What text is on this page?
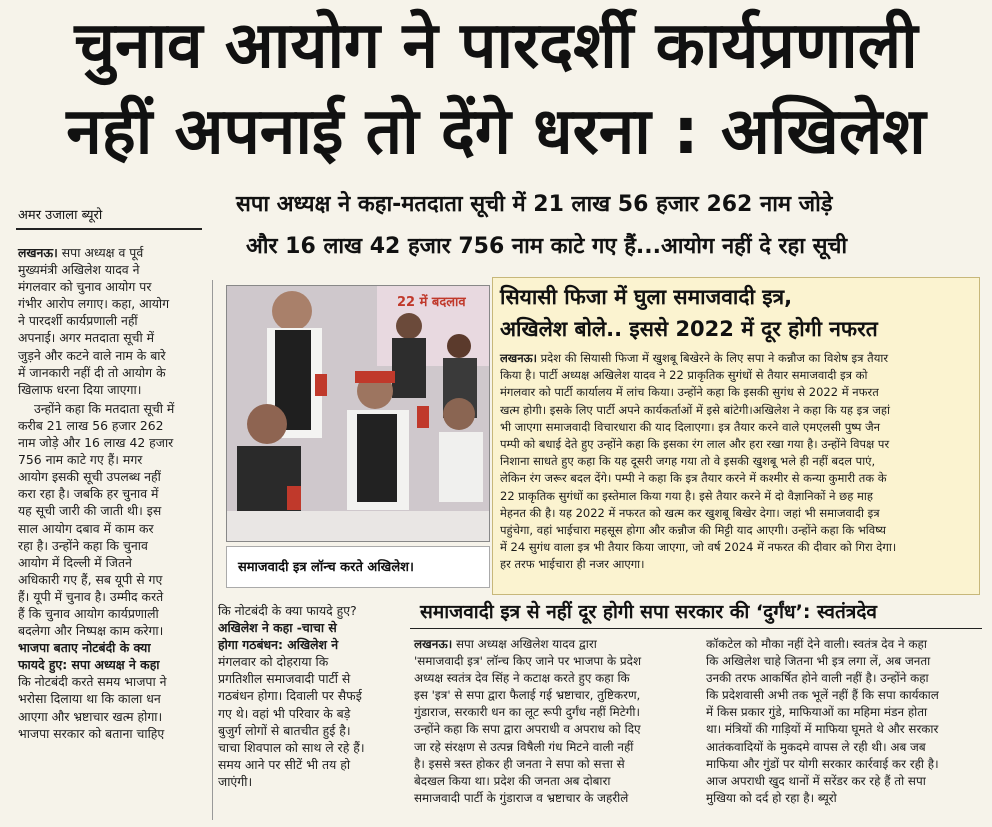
चुनाव आयोग ने पारदर्शी कार्यप्रणाली
नहीं अपनाई तो देंगे धरना : अखिलेश
सपा अध्यक्ष ने कहा-मतदाता सूची में 21 लाख 56 हजार 262 नाम जोड़े
और 16 लाख 42 हजार 756 नाम काटे गए हैं...आयोग नहीं दे रहा सूची
अमर उजाला ब्यूरो

लखनऊ। सपा अध्यक्ष व पूर्व

मुख्यमंत्री अखिलेश यादव ने

मंगलवार को चुनाव आयोग पर

गंभीर आरोप लगाए। कहा, आयोग

ने पारदर्शी कार्यप्रणाली नहीं

अपनाई। अगर मतदाता सूची में

जुड़ने और कटने वाले नाम के बारे

में जानकारी नहीं दी तो आयोग के

खिलाफ धरना दिया जाएगा।

उन्होंने कहा कि मतदाता सूची में

करीब 21 लाख 56 हजार 262

नाम जोड़े और 16 लाख 42 हजार

756 नाम काटे गए हैं। मगर

आयोग इसकी सूची उपलब्ध नहीं

करा रहा है। जबकि हर चुनाव में

यह सूची जारी की जाती थी। इस

साल आयोग दबाव में काम कर

रहा है। उन्होंने कहा कि चुनाव

आयोग में दिल्ली में जितने

अधिकारी गए हैं, सब यूपी से गए

हैं। यूपी में चुनाव है। उम्मीद करते

हैं कि चुनाव आयोग कार्यप्रणाली

बदलेगा और निष्पक्ष काम करेगा।

भाजपा बताए नोटबंदी के क्या

फायदे हुए: सपा अध्यक्ष ने कहा

कि नोटबंदी करते समय भाजपा ने

भरोसा दिलाया था कि काला धन

आएगा और भ्रष्टाचार खत्म होगा।

भाजपा सरकार को बताना चाहिए

22 में बदलाव
समाजवादी इत्र लॉन्च करते अखिलेश।
सियासी फिजा में घुला समाजवादी इत्र,
अखिलेश बोले.. इससे 2022 में दूर होगी नफरत

लखनऊ। प्रदेश की सियासी फिजा में खुशबू बिखेरने के लिए सपा ने कन्नौज का विशेष इत्र तैयार

किया है। पार्टी अध्यक्ष अखिलेश यादव ने 22 प्राकृतिक सुगंधों से तैयार समाजवादी इत्र को

मंगलवार को पार्टी कार्यालय में लांच किया। उन्होंने कहा कि इसकी सुगंध से 2022 में नफरत

खत्म होगी। इसके लिए पार्टी अपने कार्यकर्ताओं में इसे बांटेगी।अखिलेश ने कहा कि यह इत्र जहां

भी जाएगा समाजवादी विचारधारा की याद दिलाएगा। इत्र तैयार करने वाले एमएलसी पुष्प जैन

पम्पी को बधाई देते हुए उन्होंने कहा कि इसका रंग लाल और हरा रखा गया है। उन्होंने विपक्ष पर

निशाना साधते हुए कहा कि यह दूसरी जगह गया तो वे इसकी खुशबू भले ही नहीं बदल पाएं,

लेकिन रंग जरूर बदल देंगे। पम्पी ने कहा कि इत्र तैयार करने में कश्मीर से कन्या कुमारी तक के

22 प्राकृतिक सुगंधों का इस्तेमाल किया गया है। इसे तैयार करने में दो वैज्ञानिकों ने छह माह

मेहनत की है। यह 2022 में नफरत को खत्म कर खुशबू बिखेर देगा। जहां भी समाजवादी इत्र

पहुंचेगा, वहां भाईचारा महसूस होगा और कन्नौज की मिट्टी याद आएगी। उन्होंने कहा कि भविष्य

में 24 सुगंध वाला इत्र भी तैयार किया जाएगा, जो वर्ष 2024 में नफरत की दीवार को गिरा देगा।

हर तरफ भाईचारा ही नजर आएगा।

कि नोटबंदी के क्या फायदे हुए?

अखिलेश ने कहा -चाचा से

होगा गठबंधन: अखिलेश ने

मंगलवार को दोहराया कि

प्रगतिशील समाजवादी पार्टी से

गठबंधन होगा। दिवाली पर सैफई

गए थे। वहां भी परिवार के बड़े

बुजुर्ग लोगों से बातचीत हुई है।

चाचा शिवपाल को साथ ले रहे हैं।

समय आने पर सीटें भी तय हो

जाएंगी।

समाजवादी इत्र से नहीं दूर होगी सपा सरकार की ‘दुर्गंध’: स्वतंत्रदेव

लखनऊ। सपा अध्यक्ष अखिलेश यादव द्वारा

'समाजवादी इत्र' लॉन्च किए जाने पर भाजपा के प्रदेश

अध्यक्ष स्वतंत्र देव सिंह ने कटाक्ष करते हुए कहा कि

इस 'इत्र' से सपा द्वारा फैलाई गई भ्रष्टाचार, तुष्टिकरण,

गुंडाराज, सरकारी धन का लूट रूपी दुर्गंध नहीं मिटेगी।

उन्होंने कहा कि सपा द्वारा अपराधी व अपराध को दिए

जा रहे संरक्षण से उत्पन्न विषैली गंध मिटने वाली नहीं

है। इससे त्रस्त होकर ही जनता ने सपा को सत्ता से

बेदखल किया था। प्रदेश की जनता अब दोबारा

समाजवादी पार्टी के गुंडाराज व भ्रष्टाचार के जहरीले

कॉकटेल को मौका नहीं देने वाली। स्वतंत्र देव ने कहा

कि अखिलेश चाहे जितना भी इत्र लगा लें, अब जनता

उनकी तरफ आकर्षित होने वाली नहीं है। उन्होंने कहा

कि प्रदेशवासी अभी तक भूलें नहीं हैं कि सपा कार्यकाल

में किस प्रकार गुंडे, माफियाओं का महिमा मंडन होता

था। मंत्रियों की गाड़ियों में माफिया घूमते थे और सरकार

आतंकवादियों के मुकदमे वापस ले रही थी। अब जब

माफिया और गुंडों पर योगी सरकार कार्रवाई कर रही है।

आज अपराधी खुद थानों में सरेंडर कर रहे हैं तो सपा

मुखिया को दर्द हो रहा है। ब्यूरो
